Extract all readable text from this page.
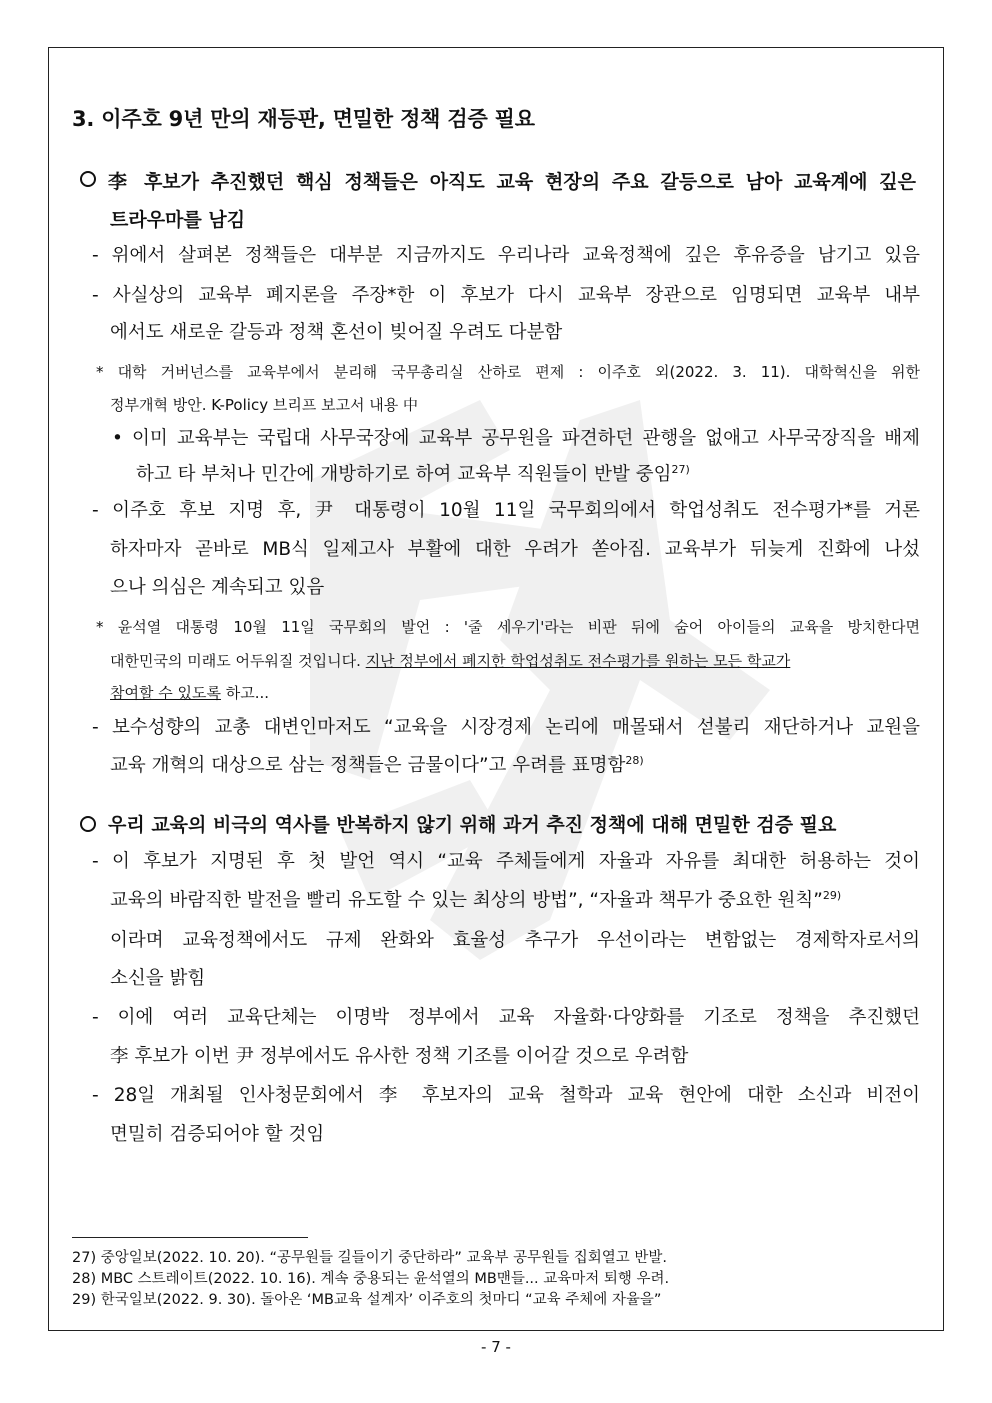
3. 이주호 9년 만의 재등판, 면밀한 정책 검증 필요
李 후보가 추진했던 핵심 정책들은 아직도 교육 현장의 주요 갈등으로 남아 교육계에 깊은
트라우마를 남김
- 위에서 살펴본 정책들은 대부분 지금까지도 우리나라 교육정책에 깊은 후유증을 남기고 있음
- 사실상의 교육부 폐지론을 주장*한 이 후보가 다시 교육부 장관으로 임명되면 교육부 내부
에서도 새로운 갈등과 정책 혼선이 빚어질 우려도 다분함
* 대학 거버넌스를 교육부에서 분리해 국무총리실 산하로 편제 : 이주호 외(2022. 3. 11). 대학혁신을 위한
정부개혁 방안. K-Policy 브리프 보고서 내용 中
• 이미 교육부는 국립대 사무국장에 교육부 공무원을 파견하던 관행을 없애고 사무국장직을 배제
하고 타 부처나 민간에 개방하기로 하여 교육부 직원들이 반발 중임$^{27)}$
- 이주호 후보 지명 후, 尹 대통령이 10월 11일 국무회의에서 학업성취도 전수평가*를 거론
하자마자 곧바로 MB식 일제고사 부활에 대한 우려가 쏟아짐. 교육부가 뒤늦게 진화에 나섰
으나 의심은 계속되고 있음
* 윤석열 대통령 10월 11일 국무회의 발언 : '줄 세우기'라는 비판 뒤에 숨어 아이들의 교육을 방치한다면
대한민국의 미래도 어두워질 것입니다. 지난 정부에서 폐지한 학업성취도 전수평가를 원하는 모든 학교가
참여할 수 있도록 하고...
- 보수성향의 교총 대변인마저도 “교육을 시장경제 논리에 매몰돼서 섣불리 재단하거나 교원을
교육 개혁의 대상으로 삼는 정책들은 금물이다”고 우려를 표명함$^{28)}$
우리 교육의 비극의 역사를 반복하지 않기 위해 과거 추진 정책에 대해 면밀한 검증 필요
- 이 후보가 지명된 후 첫 발언 역시 “교육 주체들에게 자율과 자유를 최대한 허용하는 것이
교육의 바람직한 발전을 빨리 유도할 수 있는 최상의 방법”, “자율과 책무가 중요한 원칙”$^{29)}$
이라며 교육정책에서도 규제 완화와 효율성 추구가 우선이라는 변함없는 경제학자로서의
소신을 밝힘
- 이에 여러 교육단체는 이명박 정부에서 교육 자율화·다양화를 기조로 정책을 추진했던
李 후보가 이번 尹 정부에서도 유사한 정책 기조를 이어갈 것으로 우려함
- 28일 개최될 인사청문회에서 李 후보자의 교육 철학과 교육 현안에 대한 소신과 비전이
면밀히 검증되어야 할 것임
27) 중앙일보(2022. 10. 20). “공무원들 길들이기 중단하라” 교육부 공무원들 집회열고 반발.
28) MBC 스트레이트(2022. 10. 16). 계속 중용되는 윤석열의 MB맨들... 교육마저 퇴행 우려.
29) 한국일보(2022. 9. 30). 돌아온 ‘MB교육 설계자’ 이주호의 첫마디 “교육 주체에 자율을”
- 7 -
